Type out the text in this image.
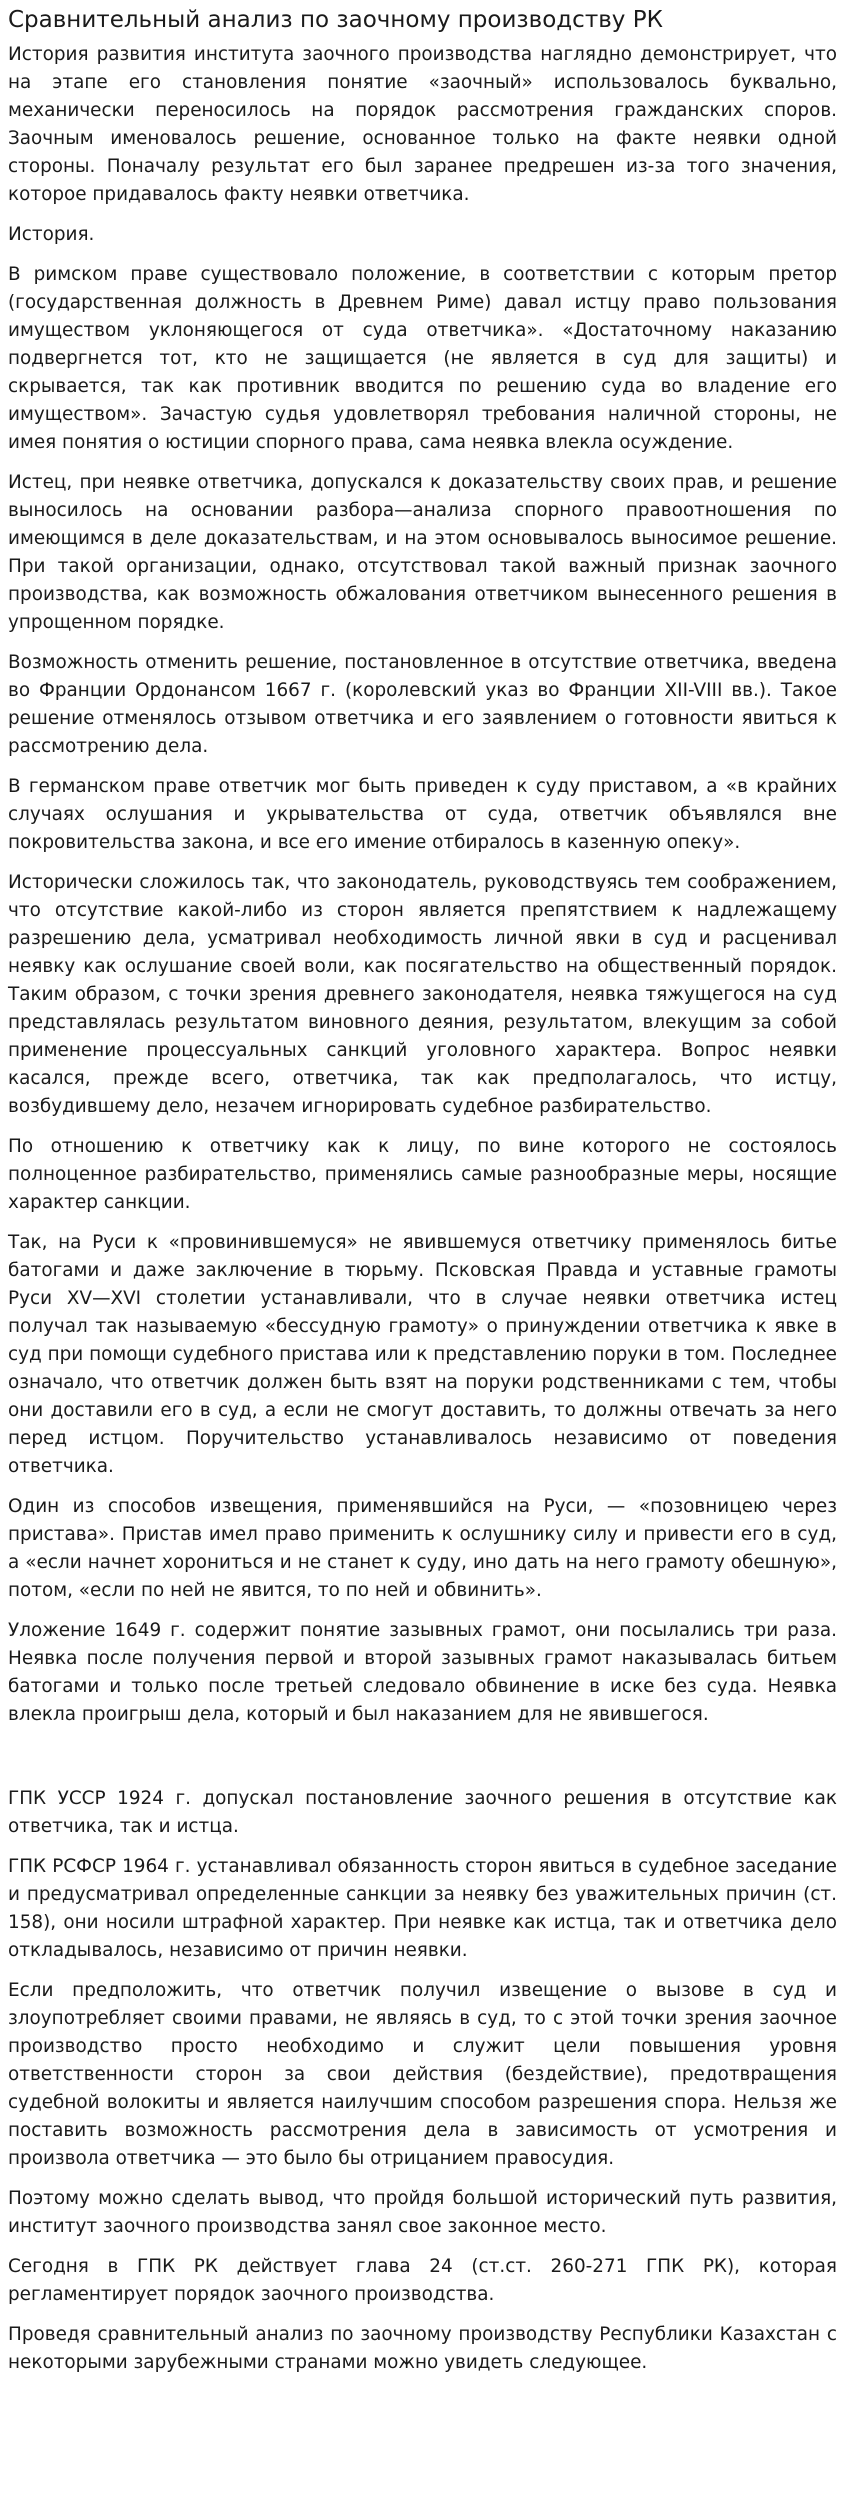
Сравнительный анализ по заочному производству РК

История развития института заочного производства наглядно демонстрирует, что на этапе его становления понятие «заочный» использовалось буквально, механически переносилось на порядок рассмотрения гражданских споров. Заочным именовалось решение, основанное только на факте неявки одной стороны. Поначалу результат его был заранее предрешен из-за того значения, которое придавалось факту неявки ответчика.

История.

В римском праве существовало положение, в соответствии с которым претор (государственная должность в Древнем Риме) давал истцу право пользования имуществом уклоняющегося от суда ответчика». «Достаточному наказанию подвергнется тот, кто не защищается (не является в суд для защиты) и скрывается, так как противник вводится по решению суда во владение его имуществом». Зачастую судья удовлетворял требования наличной стороны, не имея понятия о юстиции спорного права, сама неявка влекла осуждение.

Истец, при неявке ответчика, допускался к доказательству своих прав, и решение выносилось на основании разбора—анализа спорного правоотношения по имеющимся в деле доказательствам, и на этом основывалось выносимое решение. При такой организации, однако, отсутствовал такой важный признак заочного производства, как возможность обжалования ответчиком вынесенного решения в упрощенном порядке.

Возможность отменить решение, постановленное в отсутствие ответчика, введена во Франции Ордонансом 1667 г. (королевский указ во Франции XII-VIII вв.). Такое решение отменялось отзывом ответчика и его заявлением о готовности явиться к рассмотрению дела.

В германском праве ответчик мог быть приведен к суду приставом, а «в крайних случаях ослушания и укрывательства от суда, ответчик объявлялся вне покровительства закона, и все его имение отбиралось в казенную опеку».

Исторически сложилось так, что законодатель, руководствуясь тем соображением, что отсутствие какой-либо из сторон является препятствием к надлежащему разрешению дела, усматривал необходимость личной явки в суд и расценивал неявку как ослушание своей воли, как посягательство на общественный порядок. Таким образом, с точки зрения древнего законодателя, неявка тяжущегося на суд представлялась результатом виновного деяния, результатом, влекущим за собой применение процессуальных санкций уголовного характера. Вопрос неявки касался, прежде всего, ответчика, так как предполагалось, что истцу, возбудившему дело, незачем игнорировать судебное разбирательство.

По отношению к ответчику как к лицу, по вине которого не состоялось полноценное разбирательство, применялись самые разнообразные меры, носящие характер санкции.

Так, на Руси к «провинившемуся» не явившемуся ответчику применялось битье батогами и даже заключение в тюрьму. Псковская Правда и уставные грамоты Руси XV—XVI столетии устанавливали, что в случае неявки ответчика истец получал так называемую «бессудную грамоту» о принуждении ответчика к явке в суд при помощи судебного пристава или к представлению поруки в том. Последнее означало, что ответчик должен быть взят на поруки родственниками с тем, чтобы они доставили его в суд, а если не смогут доставить, то должны отвечать за него перед истцом. Поручительство устанавливалось независимо от поведения ответчика.

Один из способов извещения, применявшийся на Руси, — «позовницею через пристава». Пристав имел право применить к ослушнику силу и привести его в суд, а «если начнет хорониться и не станет к суду, ино дать на него грамоту обешную», потом, «если по ней не явится, то по ней и обвинить».

Уложение 1649 г. содержит понятие зазывных грамот, они посылались три раза. Неявка после получения первой и второй зазывных грамот наказывалась битьем батогами и только после третьей следовало обвинение в иске без суда. Неявка влекла проигрыш дела, который и был наказанием для не явившегося.

ГПК УССР 1924 г. допускал постановление заочного решения в отсутствие как ответчика, так и истца.

ГПК РСФСР 1964 г. устанавливал обязанность сторон явиться в судебное заседание и предусматривал определенные санкции за неявку без уважительных причин (ст. 158), они носили штрафной характер. При неявке как истца, так и ответчика дело откладывалось, независимо от причин неявки.

Если предположить, что ответчик получил извещение о вызове в суд и злоупотребляет своими правами, не являясь в суд, то с этой точки зрения заочное производство просто необходимо и служит цели повышения уровня ответственности сторон за свои действия (бездействие), предотвращения судебной волокиты и является наилучшим способом разрешения спора. Нельзя же поставить возможность рассмотрения дела в зависимость от усмотрения и произвола ответчика — это было бы отрицанием правосудия.

Поэтому можно сделать вывод, что пройдя большой исторический путь развития, институт заочного производства занял свое законное место.

Сегодня в ГПК РК действует глава 24 (ст.ст. 260-271 ГПК РК), которая регламентирует порядок заочного производства.

Проведя сравнительный анализ по заочному производству Республики Казахстан с некоторыми зарубежными странами можно увидеть следующее.
